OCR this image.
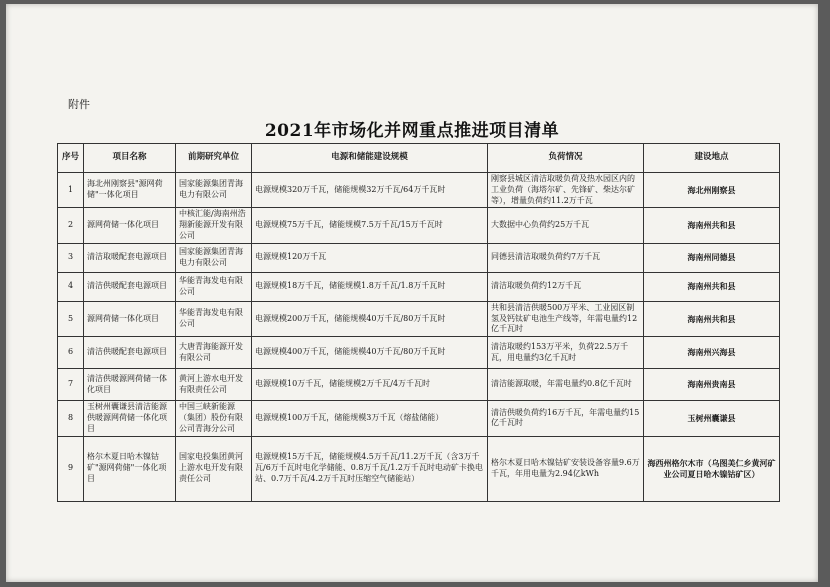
附件
2021年市场化并网重点推进项目清单
序号	项目名称	前期研究单位	电源和储能建设规模	负荷情况	建设地点
1	海北州刚察县"源网荷储"一体化项目	国家能源集团青海电力有限公司	电源规模320万千瓦，储能规模32万千瓦/64万千瓦时	刚察县城区清洁取暖负荷及热水园区内的工业负荷（海塔尔矿、先锋矿、柴达尔矿等），增量负荷约11.2万千瓦	海北州刚察县
2	源网荷储一体化项目	中核汇能/海南州浩翔新能源开发有限公司	电源规模75万千瓦，储能规模7.5万千瓦/15万千瓦时	大数据中心负荷约25万千瓦	海南州共和县
3	清洁取暖配套电源项目	国家能源集团青海电力有限公司	电源规模120万千瓦	同德县清洁取暖负荷约7万千瓦	海南州同德县
4	清洁供暖配套电源项目	华能青海发电有限公司	电源规模18万千瓦，储能规模1.8万千瓦/1.8万千瓦时	清洁取暖负荷约12万千瓦	海南州共和县
5	源网荷储一体化项目	华能青海发电有限公司	电源规模200万千瓦，储能规模40万千瓦/80万千瓦时	共和县清洁供暖500万平米、工业园区制氢及钙钛矿电池生产线等，年需电量约12亿千瓦时	海南州共和县
6	清洁供暖配套电源项目	大唐青海能源开发有限公司	电源规模400万千瓦，储能规模40万千瓦/80万千瓦时	清洁取暖约153万平米，负荷22.5万千瓦，用电量约3亿千瓦时	海南州兴海县
7	清洁供暖源网荷储一体化项目	黄河上游水电开发有限责任公司	电源规模10万千瓦，储能规模2万千瓦/4万千瓦时	清洁能源取暖，年需电量约0.8亿千瓦时	海南州贵南县
8	玉树州囊谦县清洁能源供暖源网荷储一体化项目	中国三峡新能源（集团）股份有限公司青海分公司	电源规模100万千瓦，储能规模3万千瓦（熔盐储能）	清洁供暖负荷约16万千瓦，年需电量约15亿千瓦时	玉树州囊谦县
9	格尔木夏日哈木镍钴矿"源网荷储"一体化项目	国家电投集团黄河上游水电开发有限责任公司	电源规模15万千瓦，储能规模4.5万千瓦/11.2万千瓦（含3万千瓦/6万千瓦时电化学储能、0.8万千瓦/1.2万千瓦时电动矿卡换电站、0.7万千瓦/4.2万千瓦时压缩空气储能站）	格尔木夏日哈木镍钴矿安装设备容量9.6万千瓦，年用电量为2.94亿kWh	海西州格尔木市（乌图美仁乡黄河矿业公司夏日哈木镍钴矿区）
